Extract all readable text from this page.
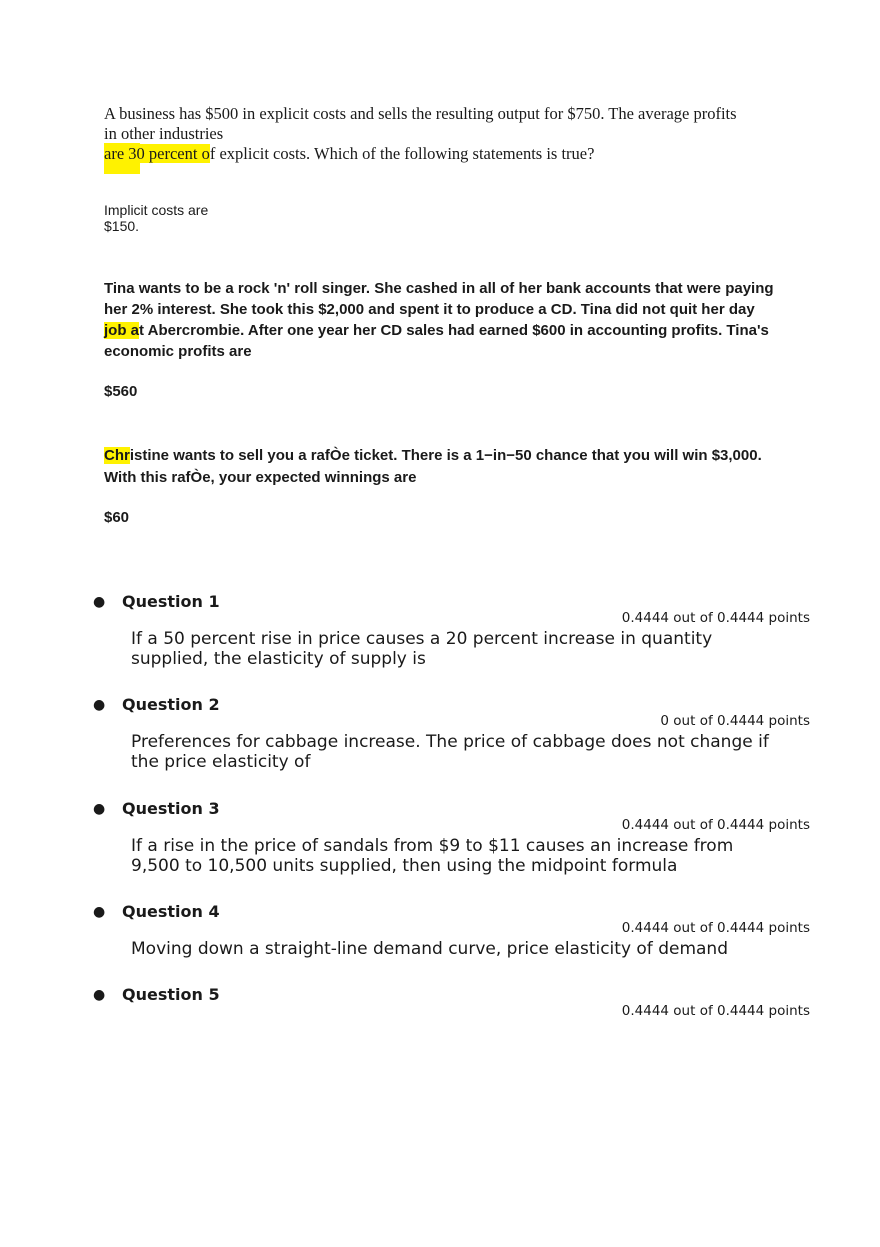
A business has $500 in explicit costs and sells the resulting output for $750. The average profits
in other industries
are 30 percent of explicit costs. Which of the following statements is true?
Implicit costs are
$150.
Tina wants to be a rock 'n' roll singer. She cashed in all of her bank accounts that were paying
her 2% interest. She took this $2,000 and spent it to produce a CD. Tina did not quit her day
job at Abercrombie. After one year her CD sales had earned $600 in accounting profits. Tina's
economic profits are
$560
Christine wants to sell you a rafÒe ticket. There is a 1−in−50 chance that you will win $3,000.
With this rafÒe, your expected winnings are
$60
● Question 1
0.4444 out of 0.4444 points
If a 50 percent rise in price causes a 20 percent increase in quantity supplied, the elasticity of supply is
● Question 2
0 out of 0.4444 points
Preferences for cabbage increase. The price of cabbage does not change if the price elasticity of
● Question 3
0.4444 out of 0.4444 points
If a rise in the price of sandals from $9 to $11 causes an increase from 9,500 to 10,500 units supplied, then using the midpoint formula
● Question 4
0.4444 out of 0.4444 points
Moving down a straight-line demand curve, price elasticity of demand
● Question 5
0.4444 out of 0.4444 points
